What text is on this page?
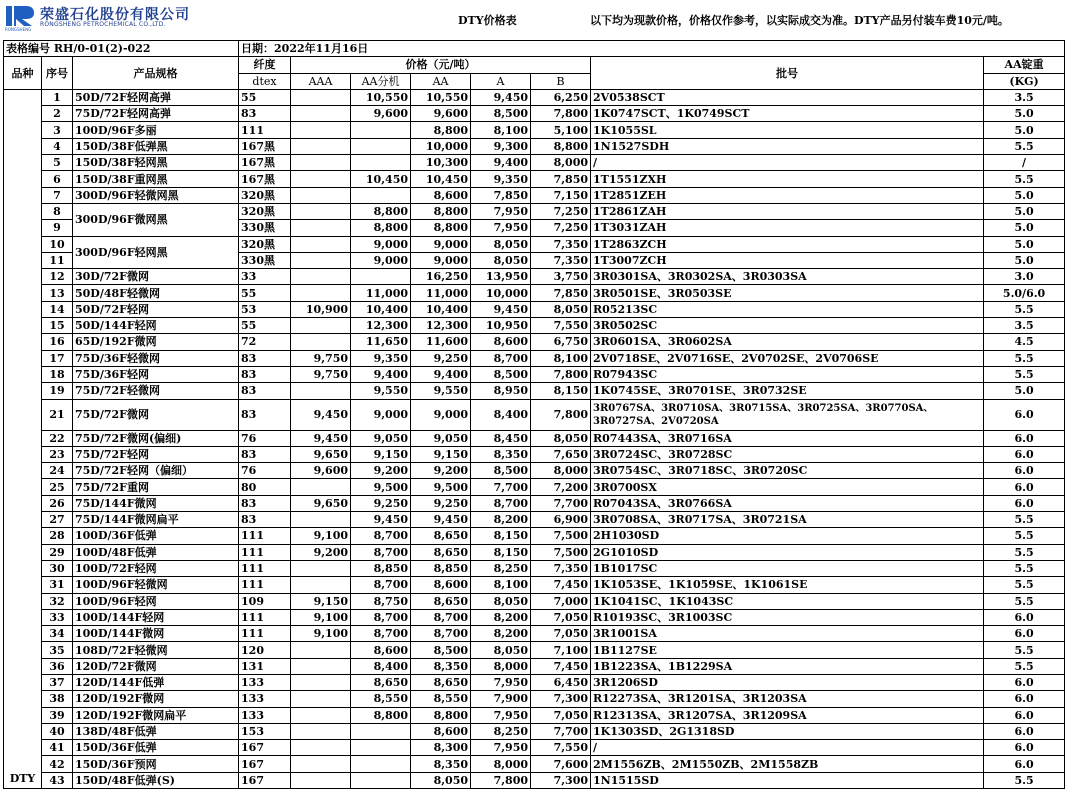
RONGSHENG
荣盛石化股份有限公司
RONGSHENG PETROCHEMICAL CO.,LTD.	DTY价格表	以下均为现款价格，价格仅作参考，以实际成交为准。DTY产品另付装车费10元/吨。
表格编号 RH/0-01(2)-022			日期：2022年11月16日							
品种	序号	产品规格	纤度	价格（元/吨）					批号	AA锭重
			dtex	AAA	AA分机	AA	A	B		(KG)
DTY	1	50D/72F轻网高弹	55		10,550	10,550	9,450	6,250	2V0538SCT	3.5
	2	75D/72F轻网高弹	83		9,600	9,600	8,500	7,800	1K0747SCT、1K0749SCT	5.0
	3	100D/96F多丽	111			8,800	8,100	5,100	1K1055SL	5.0
	4	150D/38F低弹黑	167黑			10,000	9,300	8,800	1N1527SDH	5.5
	5	150D/38F轻网黑	167黑			10,300	9,400	8,000	/	/
	6	150D/38F重网黑	167黑		10,450	10,450	9,350	7,850	1T1551ZXH	5.5
	7	300D/96F轻微网黑	320黑			8,600	7,850	7,150	1T2851ZEH	5.0
	8	300D/96F微网黑	320黑		8,800	8,800	7,950	7,250	1T2861ZAH	5.0
	9		330黑		8,800	8,800	7,950	7,250	1T3031ZAH	5.0
	10	300D/96F轻网黑	320黑		9,000	9,000	8,050	7,350	1T2863ZCH	5.0
	11		330黑		9,000	9,000	8,050	7,350	1T3007ZCH	5.0
	12	30D/72F微网	33			16,250	13,950	3,750	3R0301SA、3R0302SA、3R0303SA	3.0
	13	50D/48F轻微网	55		11,000	11,000	10,000	7,850	3R0501SE、3R0503SE	5.0/6.0
	14	50D/72F轻网	53	10,900	10,400	10,400	9,450	8,050	R05213SC	5.5
	15	50D/144F轻网	55		12,300	12,300	10,950	7,550	3R0502SC	3.5
	16	65D/192F微网	72		11,650	11,600	8,600	6,750	3R0601SA、3R0602SA	4.5
	17	75D/36F轻微网	83	9,750	9,350	9,250	8,700	8,100	2V0718SE、2V0716SE、2V0702SE、2V0706SE	5.5
	18	75D/36F轻网	83	9,750	9,400	9,400	8,500	7,800	R07943SC	5.5
	19	75D/72F轻微网	83		9,550	9,550	8,950	8,150	1K0745SE、3R0701SE、3R0732SE	5.0
	21	75D/72F微网	83	9,450	9,000	9,000	8,400	7,800	3R0767SA、3R0710SA、3R0715SA、3R0725SA、3R0770SA、3R0727SA、2V0720SA	6.0
	22	75D/72F微网(偏细)	76	9,450	9,050	9,050	8,450	8,050	R07443SA、3R0716SA	6.0
	23	75D/72F轻网	83	9,650	9,150	9,150	8,350	7,650	3R0724SC、3R0728SC	6.0
	24	75D/72F轻网（偏细）	76	9,600	9,200	9,200	8,500	8,000	3R0754SC、3R0718SC、3R0720SC	6.0
	25	75D/72F重网	80		9,500	9,500	7,700	7,200	3R0700SX	6.0
	26	75D/144F微网	83	9,650	9,250	9,250	8,700	7,700	R07043SA、3R0766SA	6.0
	27	75D/144F微网扁平	83		9,450	9,450	8,200	6,900	3R0708SA、3R0717SA、3R0721SA	5.5
	28	100D/36F低弹	111	9,100	8,700	8,650	8,150	7,500	2H1030SD	5.5
	29	100D/48F低弹	111	9,200	8,700	8,650	8,150	7,500	2G1010SD	5.5
	30	100D/72F轻网	111		8,850	8,850	8,250	7,350	1B1017SC	5.5
	31	100D/96F轻微网	111		8,700	8,600	8,100	7,450	1K1053SE、1K1059SE、1K1061SE	5.5
	32	100D/96F轻网	109	9,150	8,750	8,650	8,050	7,000	1K1041SC、1K1043SC	5.5
	33	100D/144F轻网	111	9,100	8,700	8,700	8,200	7,050	R10193SC、3R1003SC	6.0
	34	100D/144F微网	111	9,100	8,700	8,700	8,200	7,050	3R1001SA	6.0
	35	108D/72F轻微网	120		8,600	8,500	8,050	7,100	1B1127SE	5.5
	36	120D/72F微网	131		8,400	8,350	8,000	7,450	1B1223SA、1B1229SA	5.5
	37	120D/144F低弹	133		8,650	8,650	7,950	6,450	3R1206SD	6.0
	38	120D/192F微网	133		8,550	8,550	7,900	7,300	R12273SA、3R1201SA、3R1203SA	6.0
	39	120D/192F微网扁平	133		8,800	8,800	7,950	7,050	R12313SA、3R1207SA、3R1209SA	6.0
	40	138D/48F低弹	153			8,600	8,250	7,700	1K1303SD、2G1318SD	6.0
	41	150D/36F低弹	167			8,300	7,950	7,550	/	6.0
	42	150D/36F预网	167			8,350	8,000	7,600	2M1556ZB、2M1550ZB、2M1558ZB	6.0
	43	150D/48F低弹(S)	167			8,050	7,800	7,300	1N1515SD	5.5
